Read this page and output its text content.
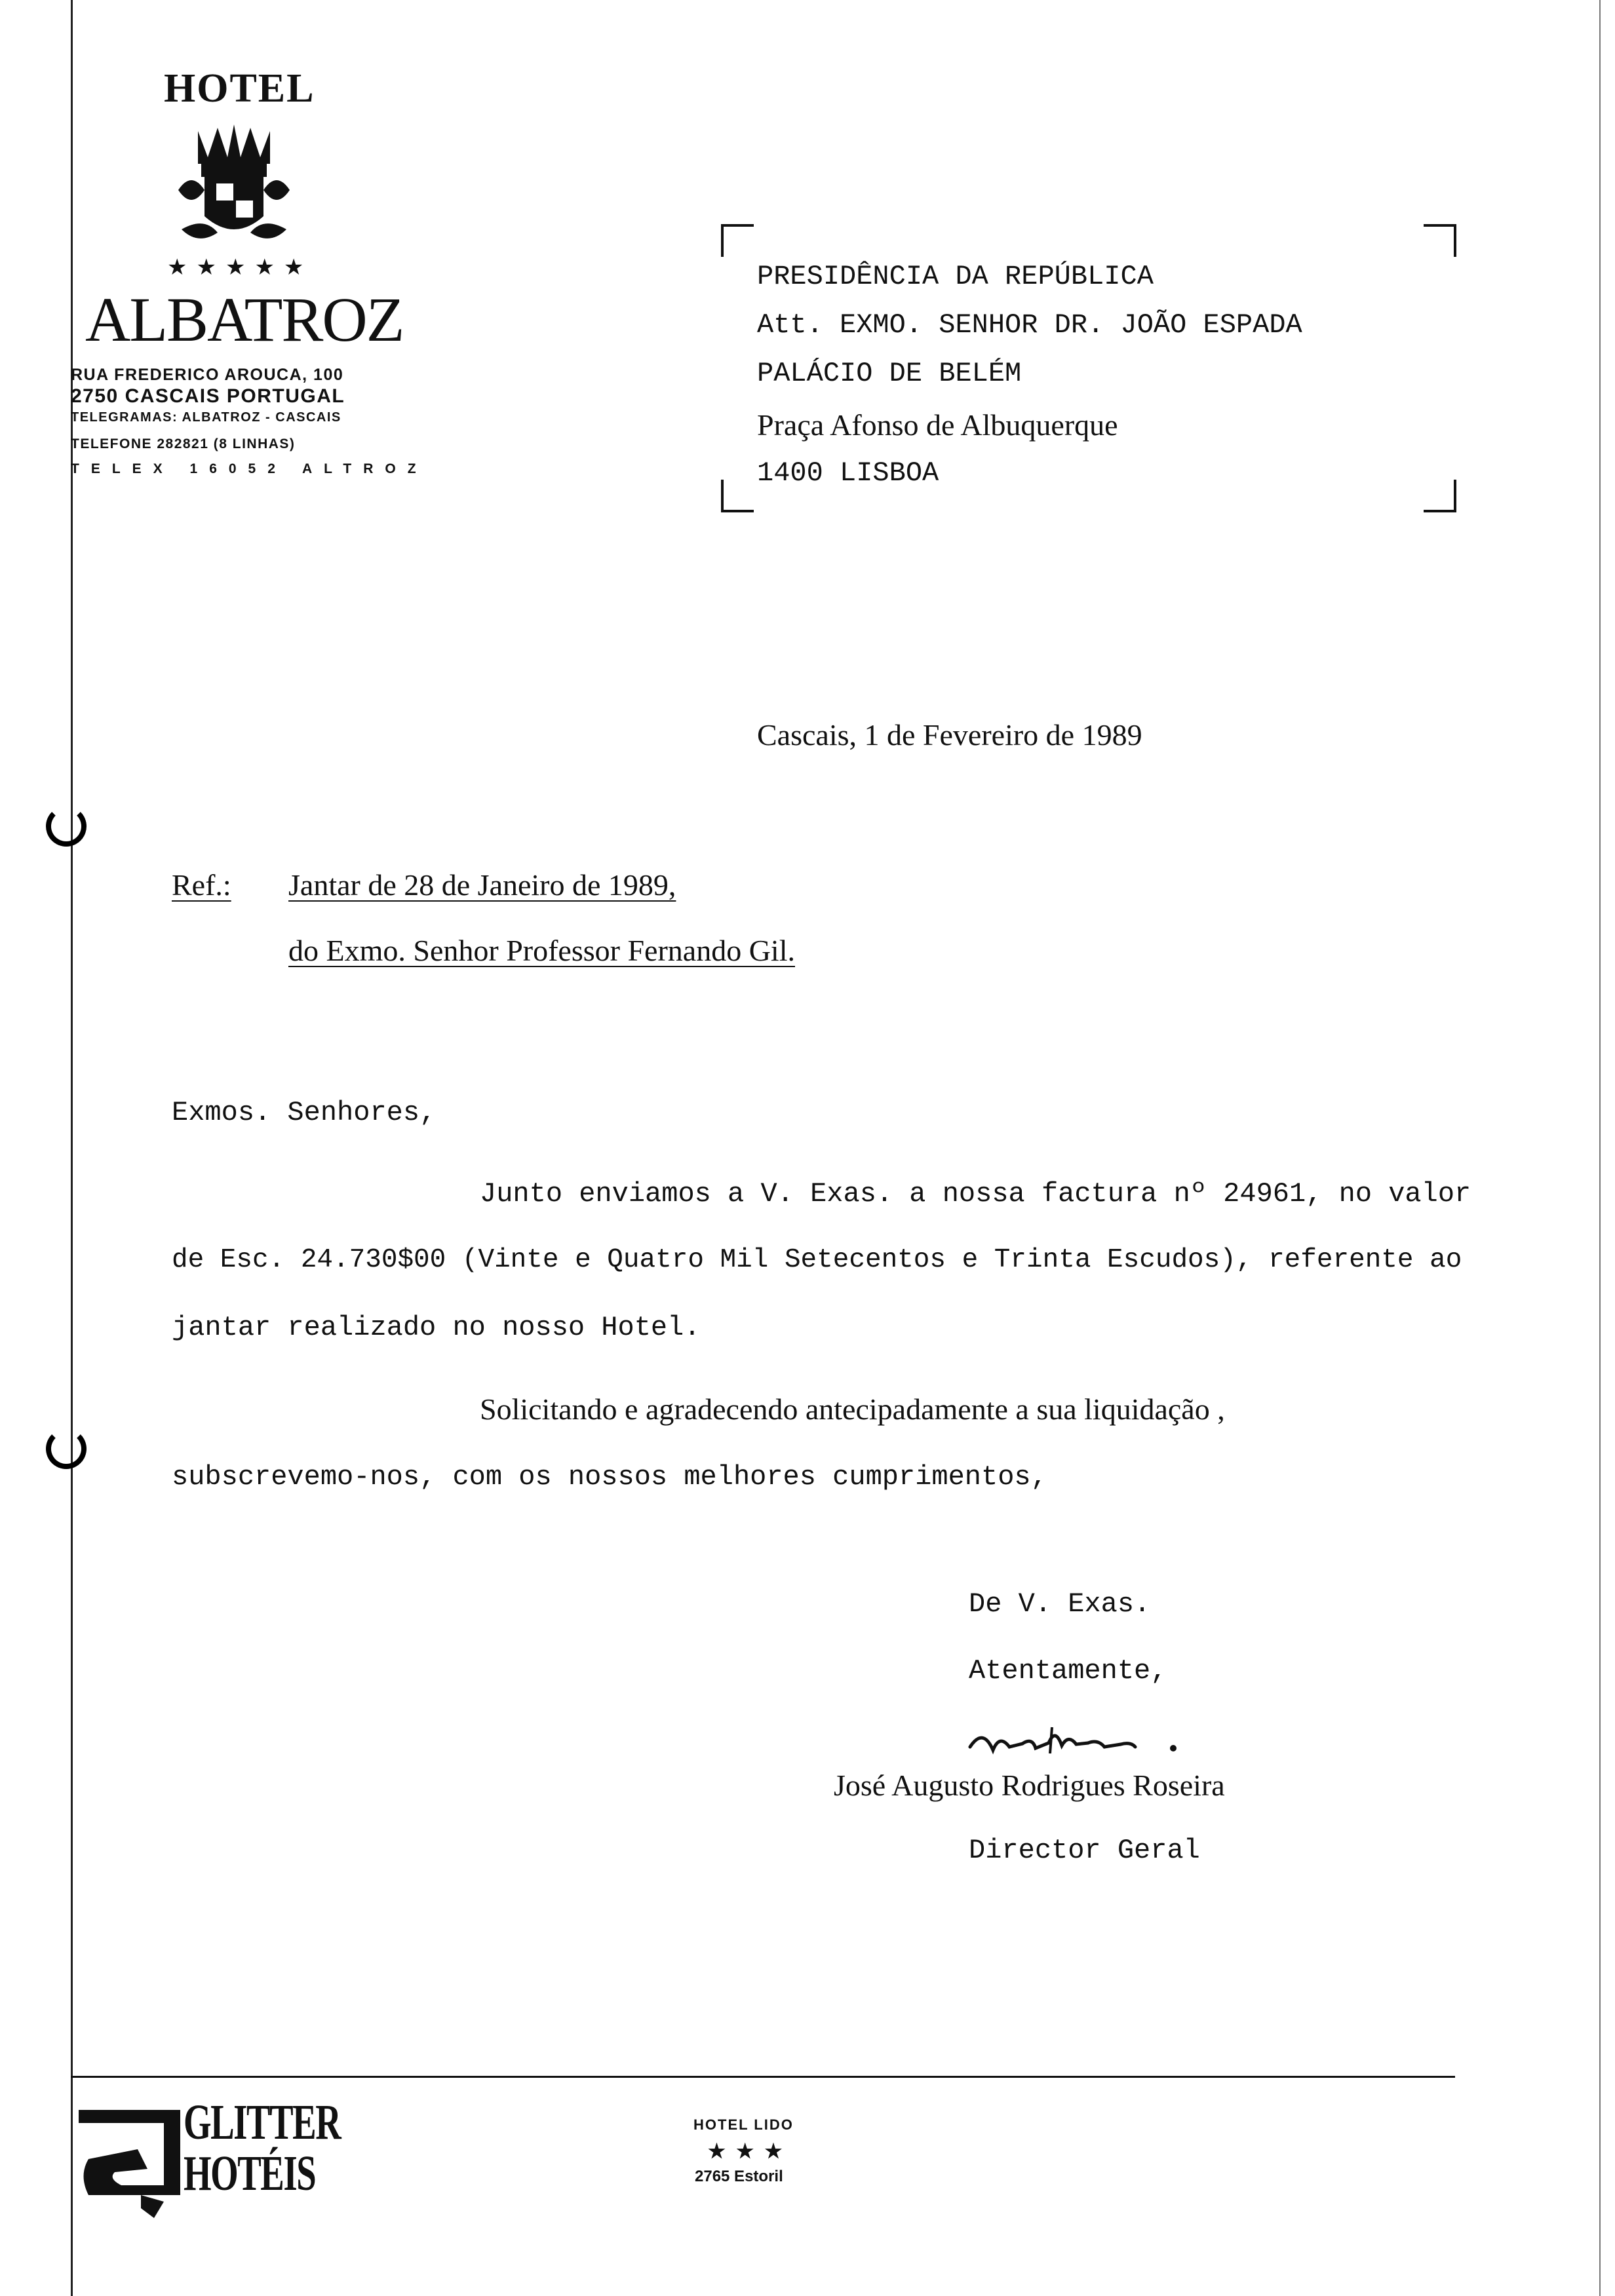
HOTEL
★★★★★
ALBATROZ
RUA FREDERICO AROUCA, 100
2750 CASCAIS PORTUGAL
TELEGRAMAS: ALBATROZ - CASCAIS
TELEFONE 282821 (8 LINHAS)
TELEX 16052 ALTROZ
PRESIDÊNCIA DA REPÚBLICA
Att. EXMO. SENHOR DR. JOÃO ESPADA
PALÁCIO DE BELÉM
Praça Afonso de Albuquerque
1400 LISBOA
Cascais, 1 de Fevereiro de 1989
Ref.: Jantar de 28 de Janeiro de 1989,
do Exmo. Senhor Professor Fernando Gil.
Exmos. Senhores,
Junto enviamos a V. Exas. a nossa factura nº 24961, no valor
de Esc. 24.730$00 (Vinte e Quatro Mil Setecentos e Trinta Escudos), referente ao
jantar realizado no nosso Hotel.
Solicitando e agradecendo antecipadamente a sua liquidação ,
subscrevemo-nos, com os nossos melhores cumprimentos,
De V. Exas.
Atentamente,
José Augusto Rodrigues Roseira
Director Geral
GLITTER
HOTÉIS
HOTEL LIDO
★ ★ ★
2765 Estoril
